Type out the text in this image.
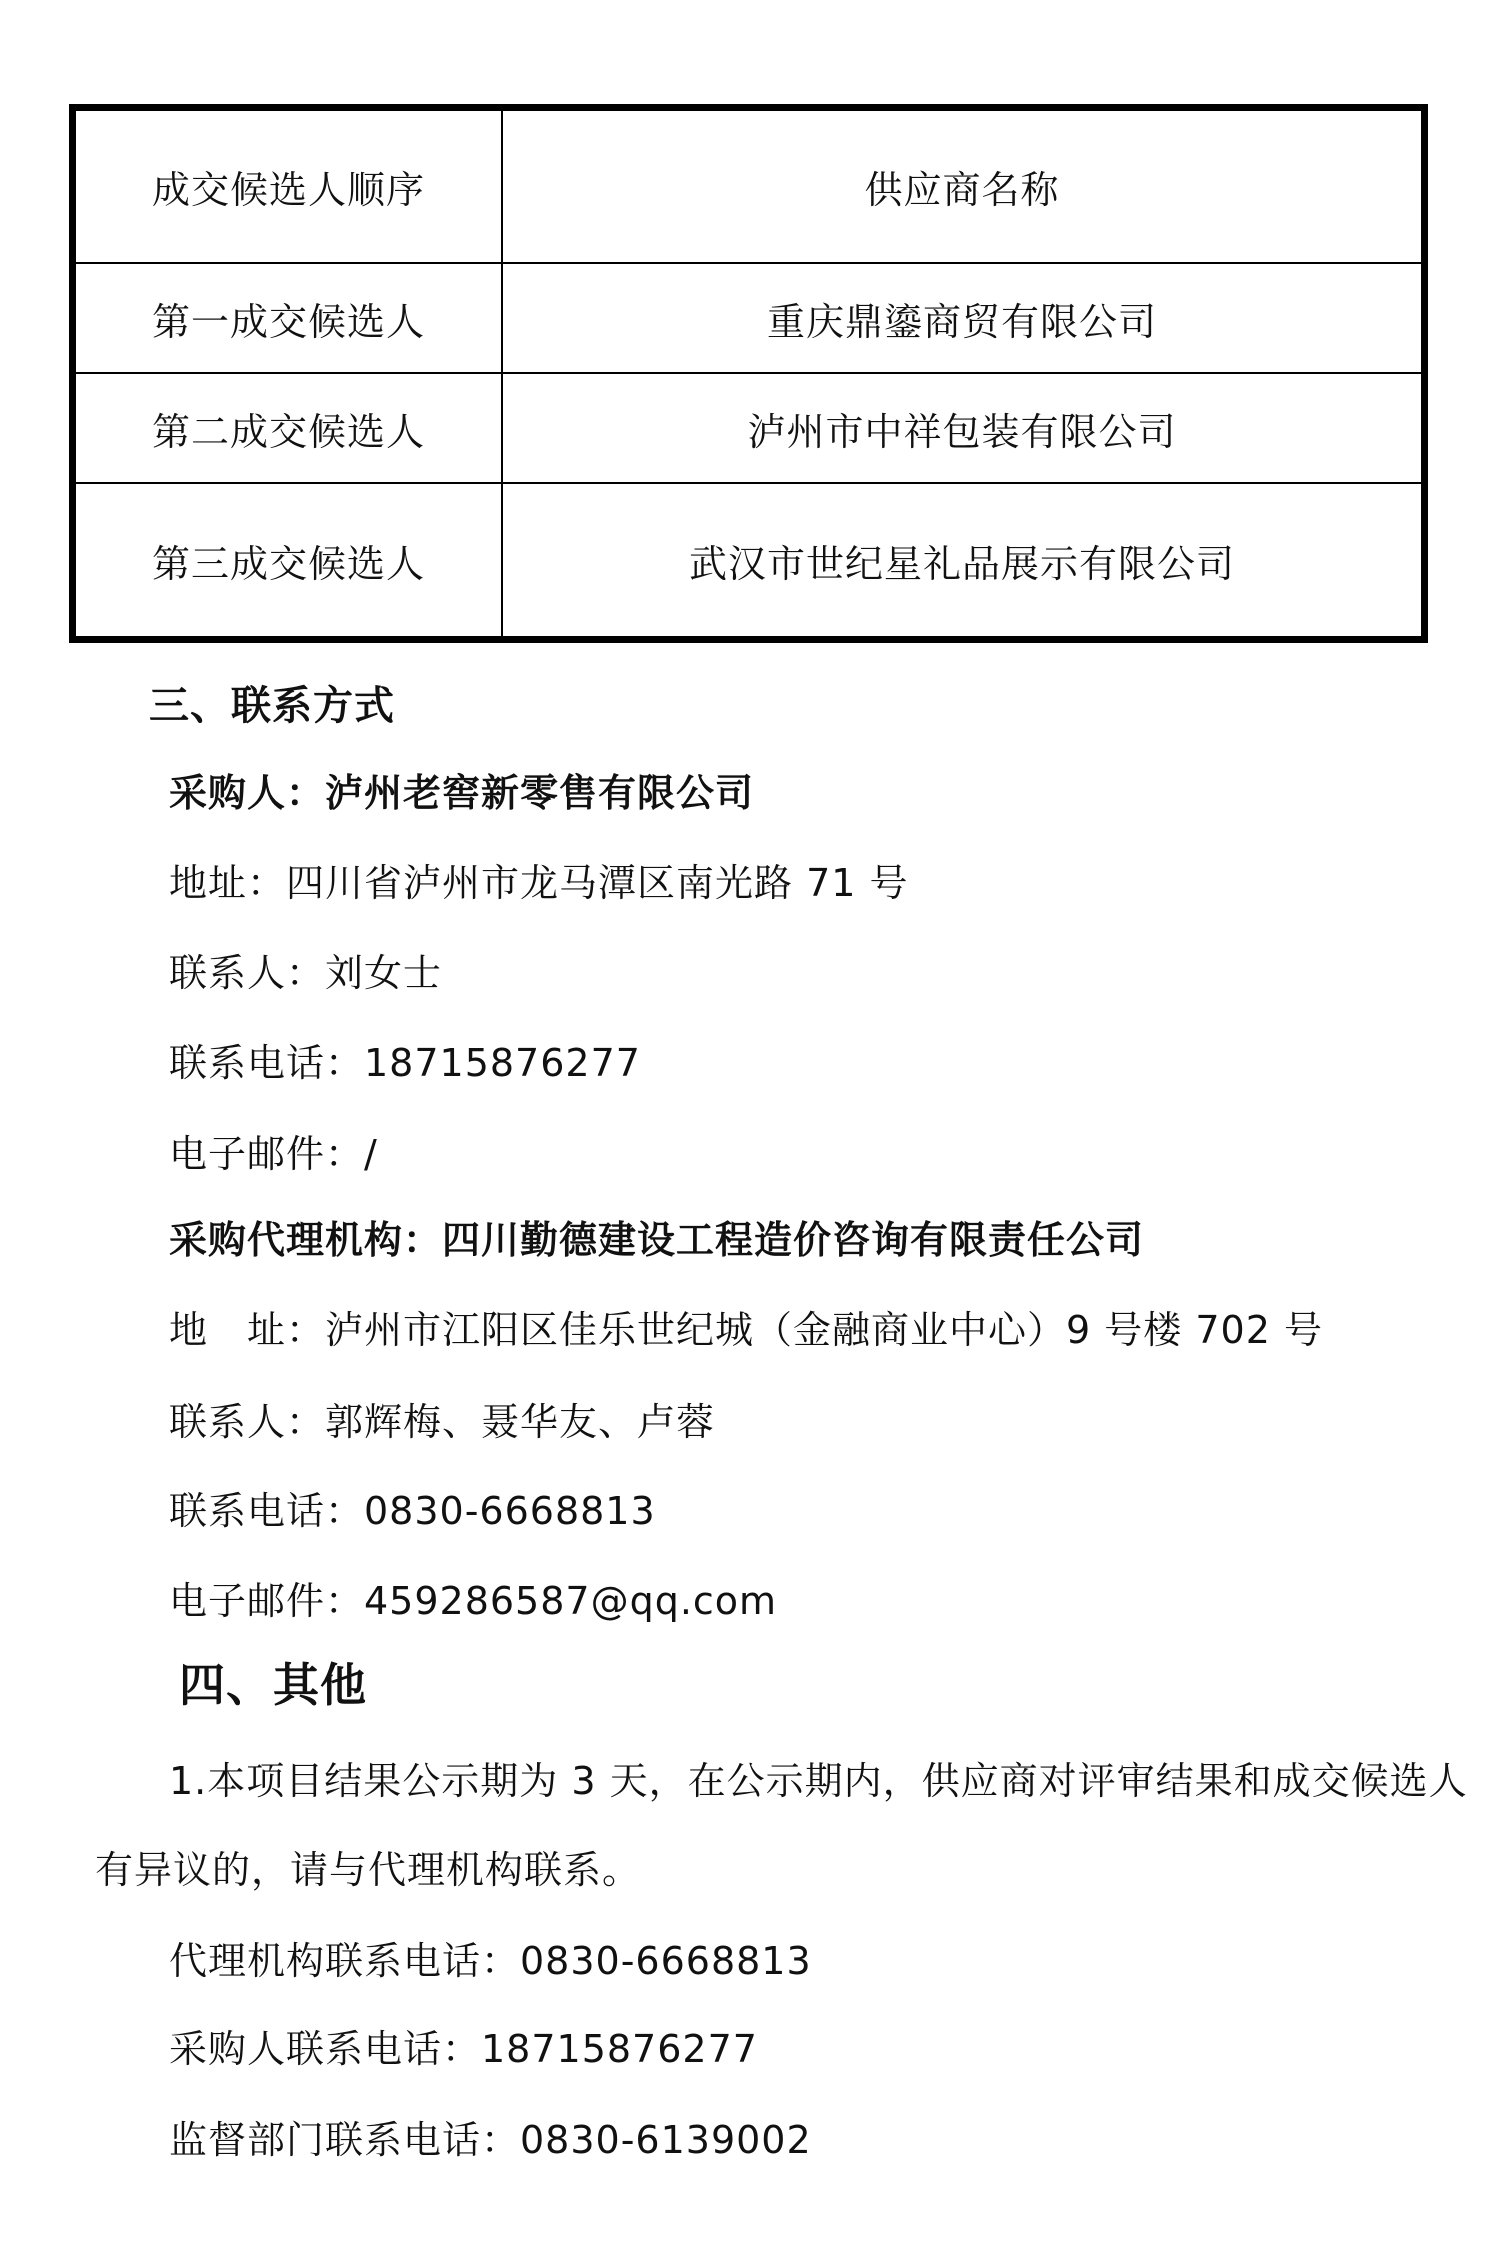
成交候选人顺序	供应商名称
第一成交候选人	重庆鼎鎏商贸有限公司
第二成交候选人	泸州市中祥包装有限公司
第三成交候选人	武汉市世纪星礼品展示有限公司
三、联系方式
采购人：泸州老窖新零售有限公司
地址：四川省泸州市龙马潭区南光路 71 号
联系人：刘女士
联系电话：18715876277
电子邮件：/
采购代理机构：四川勤德建设工程造价咨询有限责任公司
地　址：泸州市江阳区佳乐世纪城（金融商业中心）9 号楼 702 号
联系人：郭辉梅、聂华友、卢蓉
联系电话：0830-6668813
电子邮件：459286587@qq.com
四、其他
1.本项目结果公示期为 3 天，在公示期内，供应商对评审结果和成交候选人
有异议的，请与代理机构联系。
代理机构联系电话：0830-6668813
采购人联系电话：18715876277
监督部门联系电话：0830-6139002
